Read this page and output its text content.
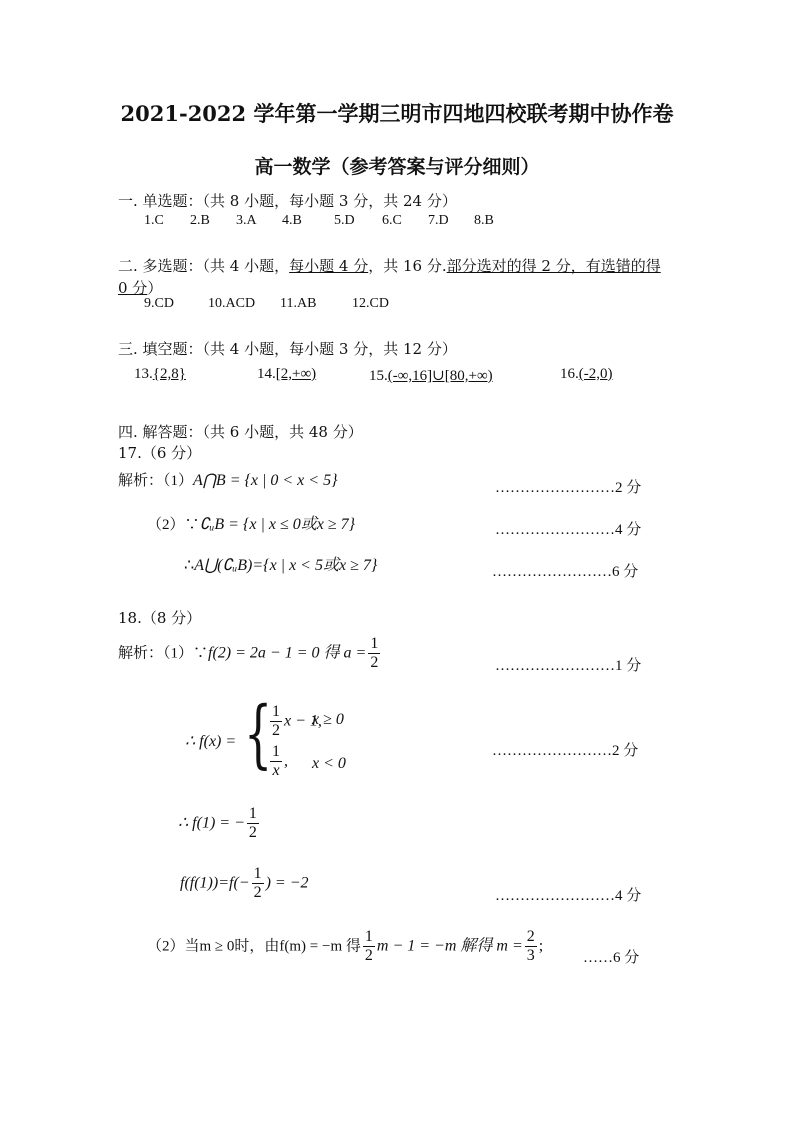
2021-2022 学年第一学期三明市四地四校联考期中协作卷
高一数学（参考答案与评分细则）
一. 单选题：（共 8 小题，每小题 3 分，共 24 分）
1.C 2.B 3.A 4.B 5.D 6.C 7.D 8.B
二. 多选题：（共 4 小题，每小题 4 分，共 16 分.部分选对的得 2 分，有选错的得
0 分）
9.CD 10.ACD 11.AB	12.CD
三. 填空题：（共 4 小题，每小题 3 分，共 12 分）
13.{2,8}	14.[2,+∞)	15.(-∞,16]∪[80,+∞)	16.(-2,0)
四. 解答题：（共 6 小题，共 48 分）
17.（6 分）
解析：（1）A⋂B = {x | 0 < x < 5}	……………………2 分
（2）∵∁ᵤB = {x | x ≤ 0或x ≥ 7}	……………………4 分
∴A⋃(∁ᵤB)={x | x < 5或x ≥ 7}	……………………6 分
18.（8 分）
解析：（1）∵f(2) = 2a − 1 = 0 得 $a = \frac{1}{2}$	……………………1 分
∴ f(x) = {
$\frac{1}{2}$ x − 1,
x ≥ 0
$\frac{1}{x}$ , x < 0
……………………2 分
∴ f(1) = − $\frac{1}{2}$
$f(f(1))=f(- \frac{1}{2}$ ) = −2
……………………4 分
（2）当m ≥ 0时，由f(m) = −m 得 $\frac{1}{2}$ m − 1 = −m 解得 $m = \frac{2}{3}$ ;
……6 分
